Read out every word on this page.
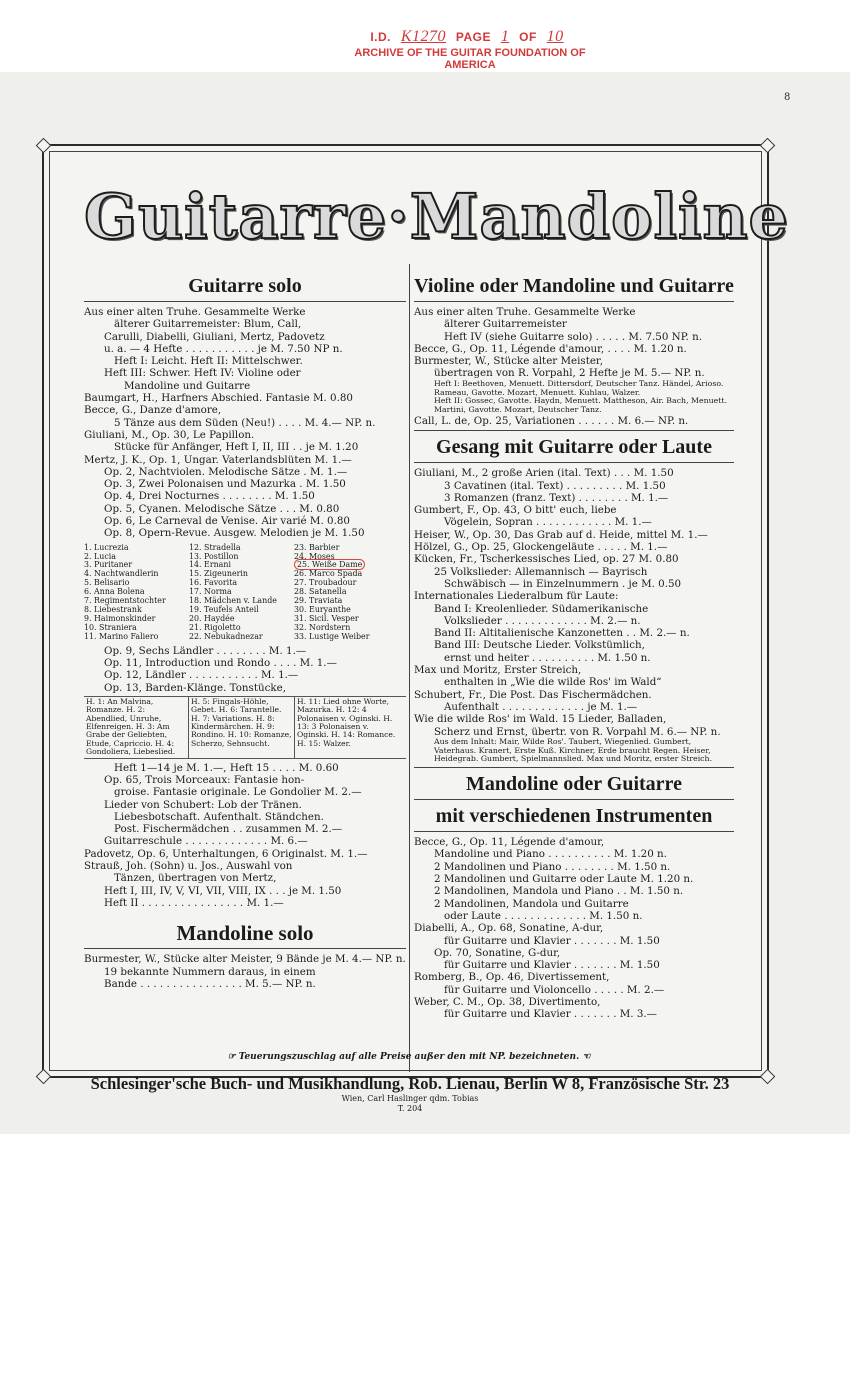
I.D. K1270 PAGE 1 OF 10
ARCHIVE OF THE GUITAR FOUNDATION OF AMERICA
8
Guitarre·Mandoline
Guitarre solo
Aus einer alten Truhe. Gesammelte Werke
älterer Guitarremeister: Blum, Call,
Carulli, Diabelli, Giuliani, Mertz, Padovetz
u. a. — 4 Hefte . . . . . . . . . . . je M. 7.50 NP n.
Heft I: Leicht. Heft II: Mittelschwer.
Heft III: Schwer. Heft IV: Violine oder
Mandoline und Guitarre
Baumgart, H., Harfners Abschied. Fantasie M. 0.80
Becce, G., Danze d'amore,
5 Tänze aus dem Süden (Neu!) . . . . M. 4.— NP. n.
Giuliani, M., Op. 30, Le Papillon.
Stücke für Anfänger, Heft I, II, III . . je M. 1.20
Mertz, J. K., Op. 1, Ungar. Vaterlandsblüten M. 1.—
Op. 2, Nachtviolen. Melodische Sätze . M. 1.—
Op. 3, Zwei Polonaisen und Mazurka . M. 1.50
Op. 4, Drei Nocturnes . . . . . . . . M. 1.50
Op. 5, Cyanen. Melodische Sätze . . . M. 0.80
Op. 6, Le Carneval de Venise. Air varié M. 0.80
Op. 8, Opern-Revue. Ausgew. Melodien je M. 1.50
1. Lucrezia	12. Stradella	23. Barbier
2. Lucia	13. Postillon	24. Moses
3. Puritaner	14. Ernani	25. Weiße Dame
4. Nachtwandlerin	15. Zigeunerin	26. Marco Spada
5. Belisario	16. Favorita	27. Troubadour
6. Anna Bolena	17. Norma	28. Satanella
7. Regimentstochter	18. Mädchen v. Lande	29. Traviata
8. Liebestrank	19. Teufels Anteil	30. Euryanthe
9. Haimonskinder	20. Haydée	31. Sicil. Vesper
10. Straniera	21. Rigoletto	32. Nordstern
11. Marino Faliero	22. Nebukadnezar	33. Lustige Weiber
Op. 9, Sechs Ländler . . . . . . . . M. 1.—
Op. 11, Introduction und Rondo . . . . M. 1.—
Op. 12, Ländler . . . . . . . . . . . M. 1.—
Op. 13, Barden-Klänge. Tonstücke,
H. 1: An Malvina, Romanze. H. 2: Abendlied, Unruhe, Elfenreigen. H. 3: Am Grabe der Geliebten, Etude, Capriccio. H. 4: Gondoliera, Liebeslied.
H. 5: Fingals-Höhle, Gebet. H. 6: Tarantelle. H. 7: Variations. H. 8: Kindermärchen. H. 9: Rondino. H. 10: Romanze, Scherzo, Sehnsucht.
H. 11: Lied ohne Worte, Mazurka. H. 12: 4 Polonaisen v. Oginski. H. 13: 3 Polonaisen v. Oginski. H. 14: Romance. H. 15: Walzer.
Heft 1—14 je M. 1.—, Heft 15 . . . . M. 0.60
Op. 65, Trois Morceaux: Fantasie hon-
groise. Fantasie originale. Le Gondolier M. 2.—
Lieder von Schubert: Lob der Tränen.
Liebesbotschaft. Aufenthalt. Ständchen.
Post. Fischermädchen . . zusammen M. 2.—
Guitarreschule . . . . . . . . . . . . . M. 6.—
Padovetz, Op. 6, Unterhaltungen, 6 Originalst. M. 1.—
Strauß, Joh. (Sohn) u. Jos., Auswahl von
Tänzen, übertragen von Mertz,
Heft I, III, IV, V, VI, VII, VIII, IX . . . je M. 1.50
Heft II . . . . . . . . . . . . . . . . M. 1.—
Mandoline solo
Burmester, W., Stücke alter Meister, 9 Bände je M. 4.— NP. n.
19 bekannte Nummern daraus, in einem
Bande . . . . . . . . . . . . . . . . M. 5.— NP. n.
Violine oder Mandoline und Guitarre
Aus einer alten Truhe. Gesammelte Werke
älterer Guitarremeister
Heft IV (siehe Guitarre solo) . . . . . M. 7.50 NP. n.
Becce, G., Op. 11, Légende d'amour, . . . . M. 1.20 n.
Burmester, W., Stücke alter Meister,
übertragen von R. Vorpahl, 2 Hefte je M. 5.— NP. n.
Heft I: Beethoven, Menuett. Dittersdorf, Deutscher Tanz. Händel, Arioso. Rameau, Gavotte. Mozart, Menuett. Kuhlau, Walzer.
Heft II: Gossec, Gavotte. Haydn, Menuett. Mattheson, Air. Bach, Menuett. Martini, Gavotte. Mozart, Deutscher Tanz.
Call, L. de, Op. 25, Variationen . . . . . . M. 6.— NP. n.
Gesang mit Guitarre oder Laute
Giuliani, M., 2 große Arien (ital. Text) . . . M. 1.50
3 Cavatinen (ital. Text) . . . . . . . . . M. 1.50
3 Romanzen (franz. Text) . . . . . . . . M. 1.—
Gumbert, F., Op. 43, O bitt' euch, liebe
Vögelein, Sopran . . . . . . . . . . . . M. 1.—
Heiser, W., Op. 30, Das Grab auf d. Heide, mittel M. 1.—
Hölzel, G., Op. 25, Glockengeläute . . . . . M. 1.—
Kücken, Fr., Tscherkessisches Lied, op. 27 M. 0.80
25 Volkslieder: Allemannisch — Bayrisch
Schwäbisch — in Einzelnummern . je M. 0.50
Internationales Liederalbum für Laute:
Band I: Kreolenlieder. Südamerikanische
Volkslieder . . . . . . . . . . . . . M. 2.— n.
Band II: Altitalienische Kanzonetten . . M. 2.— n.
Band III: Deutsche Lieder. Volkstümlich,
ernst und heiter . . . . . . . . . . M. 1.50 n.
Max und Moritz, Erster Streich,
enthalten in „Wie die wilde Ros' im Wald“
Schubert, Fr., Die Post. Das Fischermädchen.
Aufenthalt . . . . . . . . . . . . . je M. 1.—
Wie die wilde Ros' im Wald. 15 Lieder, Balladen,
Scherz und Ernst, übertr. von R. Vorpahl M. 6.— NP. n.
Aus dem Inhalt: Mair, Wilde Ros'. Taubert, Wiegenlied. Gumbert, Vaterhaus. Kranert, Erste Kuß. Kirchner, Erde braucht Regen. Heiser, Heidegrab. Gumbert, Spielmannslied. Max und Moritz, erster Streich.
Mandoline oder Guitarre
mit verschiedenen Instrumenten
Becce, G., Op. 11, Légende d'amour,
Mandoline und Piano . . . . . . . . . . M. 1.20 n.
2 Mandolinen und Piano . . . . . . . . M. 1.50 n.
2 Mandolinen und Guitarre oder Laute M. 1.20 n.
2 Mandolinen, Mandola und Piano . . M. 1.50 n.
2 Mandolinen, Mandola und Guitarre
oder Laute . . . . . . . . . . . . . M. 1.50 n.
Diabelli, A., Op. 68, Sonatine, A-dur,
für Guitarre und Klavier . . . . . . . M. 1.50
Op. 70, Sonatine, G-dur,
für Guitarre und Klavier . . . . . . . M. 1.50
Romberg, B., Op. 46, Divertissement,
für Guitarre und Violoncello . . . . . M. 2.—
Weber, C. M., Op. 38, Divertimento,
für Guitarre und Klavier . . . . . . . M. 3.—
☞ Teuerungszuschlag auf alle Preise außer den mit NP. bezeichneten. ☜
Schlesinger'sche Buch- und Musikhandlung, Rob. Lienau, Berlin W 8, Französische Str. 23
Wien, Carl Haslinger qdm. Tobias
T. 204
